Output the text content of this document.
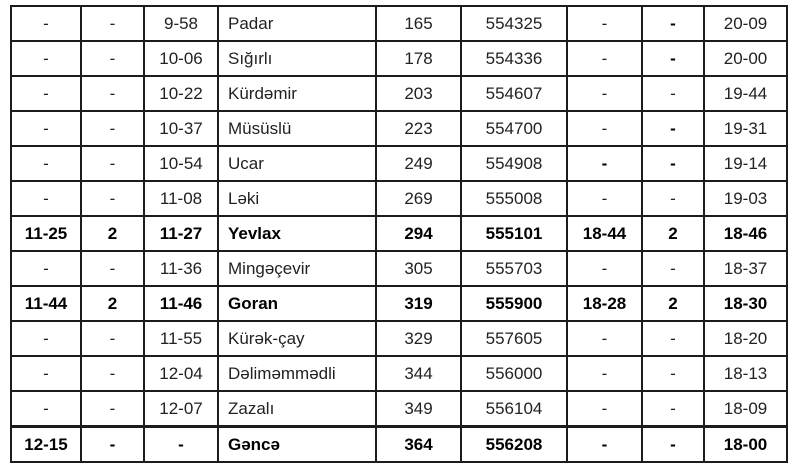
-	-	9-58	Padar	165	554325	-	-	20-09
-	-	10-06	Sığırlı	178	554336	-	-	20-00
-	-	10-22	Kürdəmir	203	554607	-	-	19-44
-	-	10-37	Müsüslü	223	554700	-	-	19-31
-	-	10-54	Ucar	249	554908	-	-	19-14
-	-	11-08	Ləki	269	555008	-	-	19-03
11-25	2	11-27	Yevlax	294	555101	18-44	2	18-46
-	-	11-36	Mingəçevir	305	555703	-	-	18-37
11-44	2	11-46	Goran	319	555900	18-28	2	18-30
-	-	11-55	Kürək-çay	329	557605	-	-	18-20
-	-	12-04	Dəliməmmədli	344	556000	-	-	18-13
-	-	12-07	Zazalı	349	556104	-	-	18-09
12-15	-	-	Gəncə	364	556208	-	-	18-00
